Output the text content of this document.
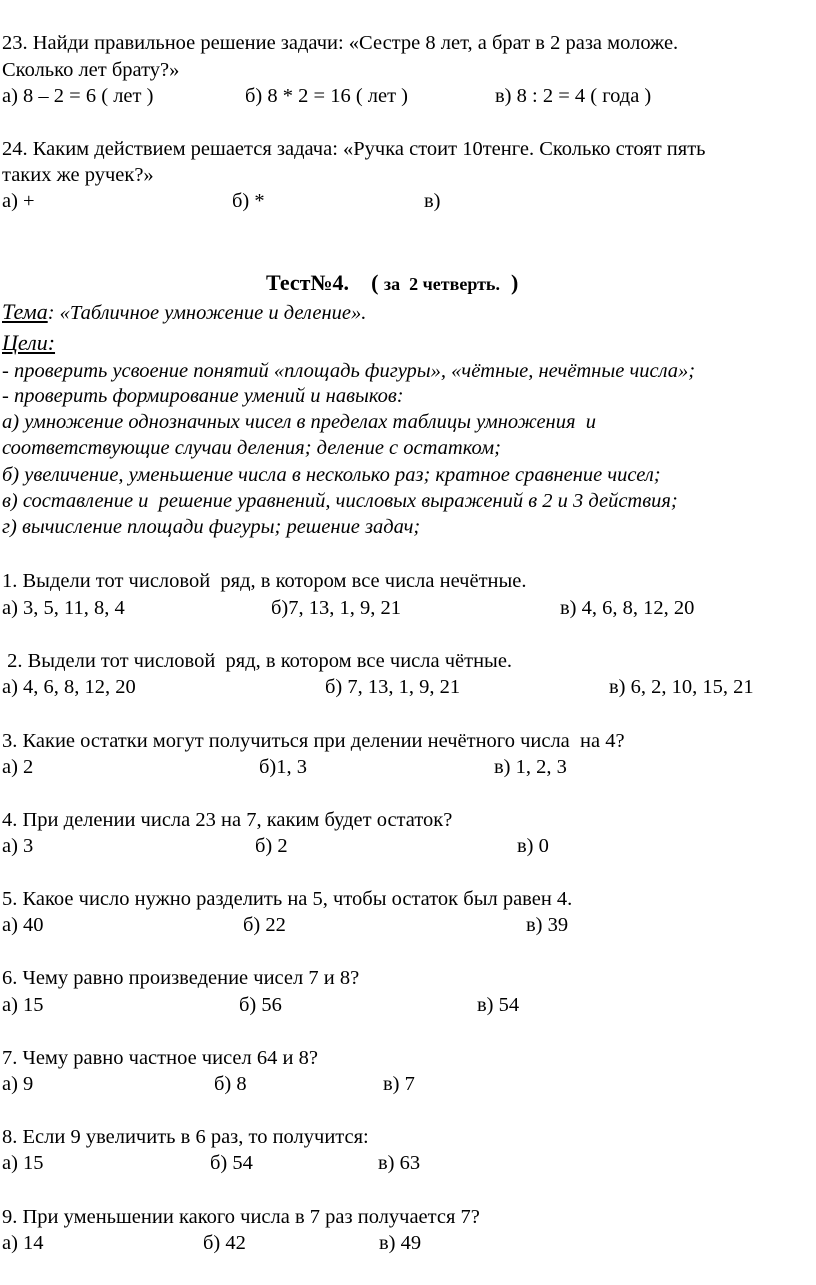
23. Найди правильное решение задачи: «Сестре 8 лет, а брат в 2 раза моложе.
Сколько лет брату?»
а) 8 – 2 = 6 ( лет )	б) 8 * 2 = 16 ( лет )	в) 8 : 2 = 4 ( года )
24. Каким действием решается задача: «Ручка стоит 10тенге. Сколько стоят пять
таких же ручек?»
а) +	б) *	в)
Тест№4. ( за  2 четверть. )
Тема: «Табличное умножение и деление».
Цели:
- проверить усвоение понятий «площадь фигуры», «чётные, нечётные числа»;
- проверить формирование умений и навыков:
а) умножение однозначных чисел в пределах таблицы умножения  и
соответствующие случаи деления; деление с остатком;
б) увеличение, уменьшение числа в несколько раз; кратное сравнение чисел;
в) составление и  решение уравнений, числовых выражений в 2 и 3 действия;
г) вычисление площади фигуры; решение задач;
1. Выдели тот числовой  ряд, в котором все числа нечётные.
а) 3, 5, 11, 8, 4	б)7, 13, 1, 9, 21	в) 4, 6, 8, 12, 20
2. Выдели тот числовой  ряд, в котором все числа чётные.
а) 4, 6, 8, 12, 20	б) 7, 13, 1, 9, 21	в) 6, 2, 10, 15, 21
3. Какие остатки могут получиться при делении нечётного числа  на 4?
а) 2	б)1, 3	в) 1, 2, 3
4. При делении числа 23 на 7, каким будет остаток?
а) 3	б) 2	в) 0
5. Какое число нужно разделить на 5, чтобы остаток был равен 4.
а) 40	б) 22	в) 39
6. Чему равно произведение чисел 7 и 8?
а) 15	б) 56	в) 54
7. Чему равно частное чисел 64 и 8?
а) 9	б) 8	в) 7
8. Если 9 увеличить в 6 раз, то получится:
а) 15	б) 54	в) 63
9. При уменьшении какого числа в 7 раз получается 7?
а) 14	б) 42	в) 49
